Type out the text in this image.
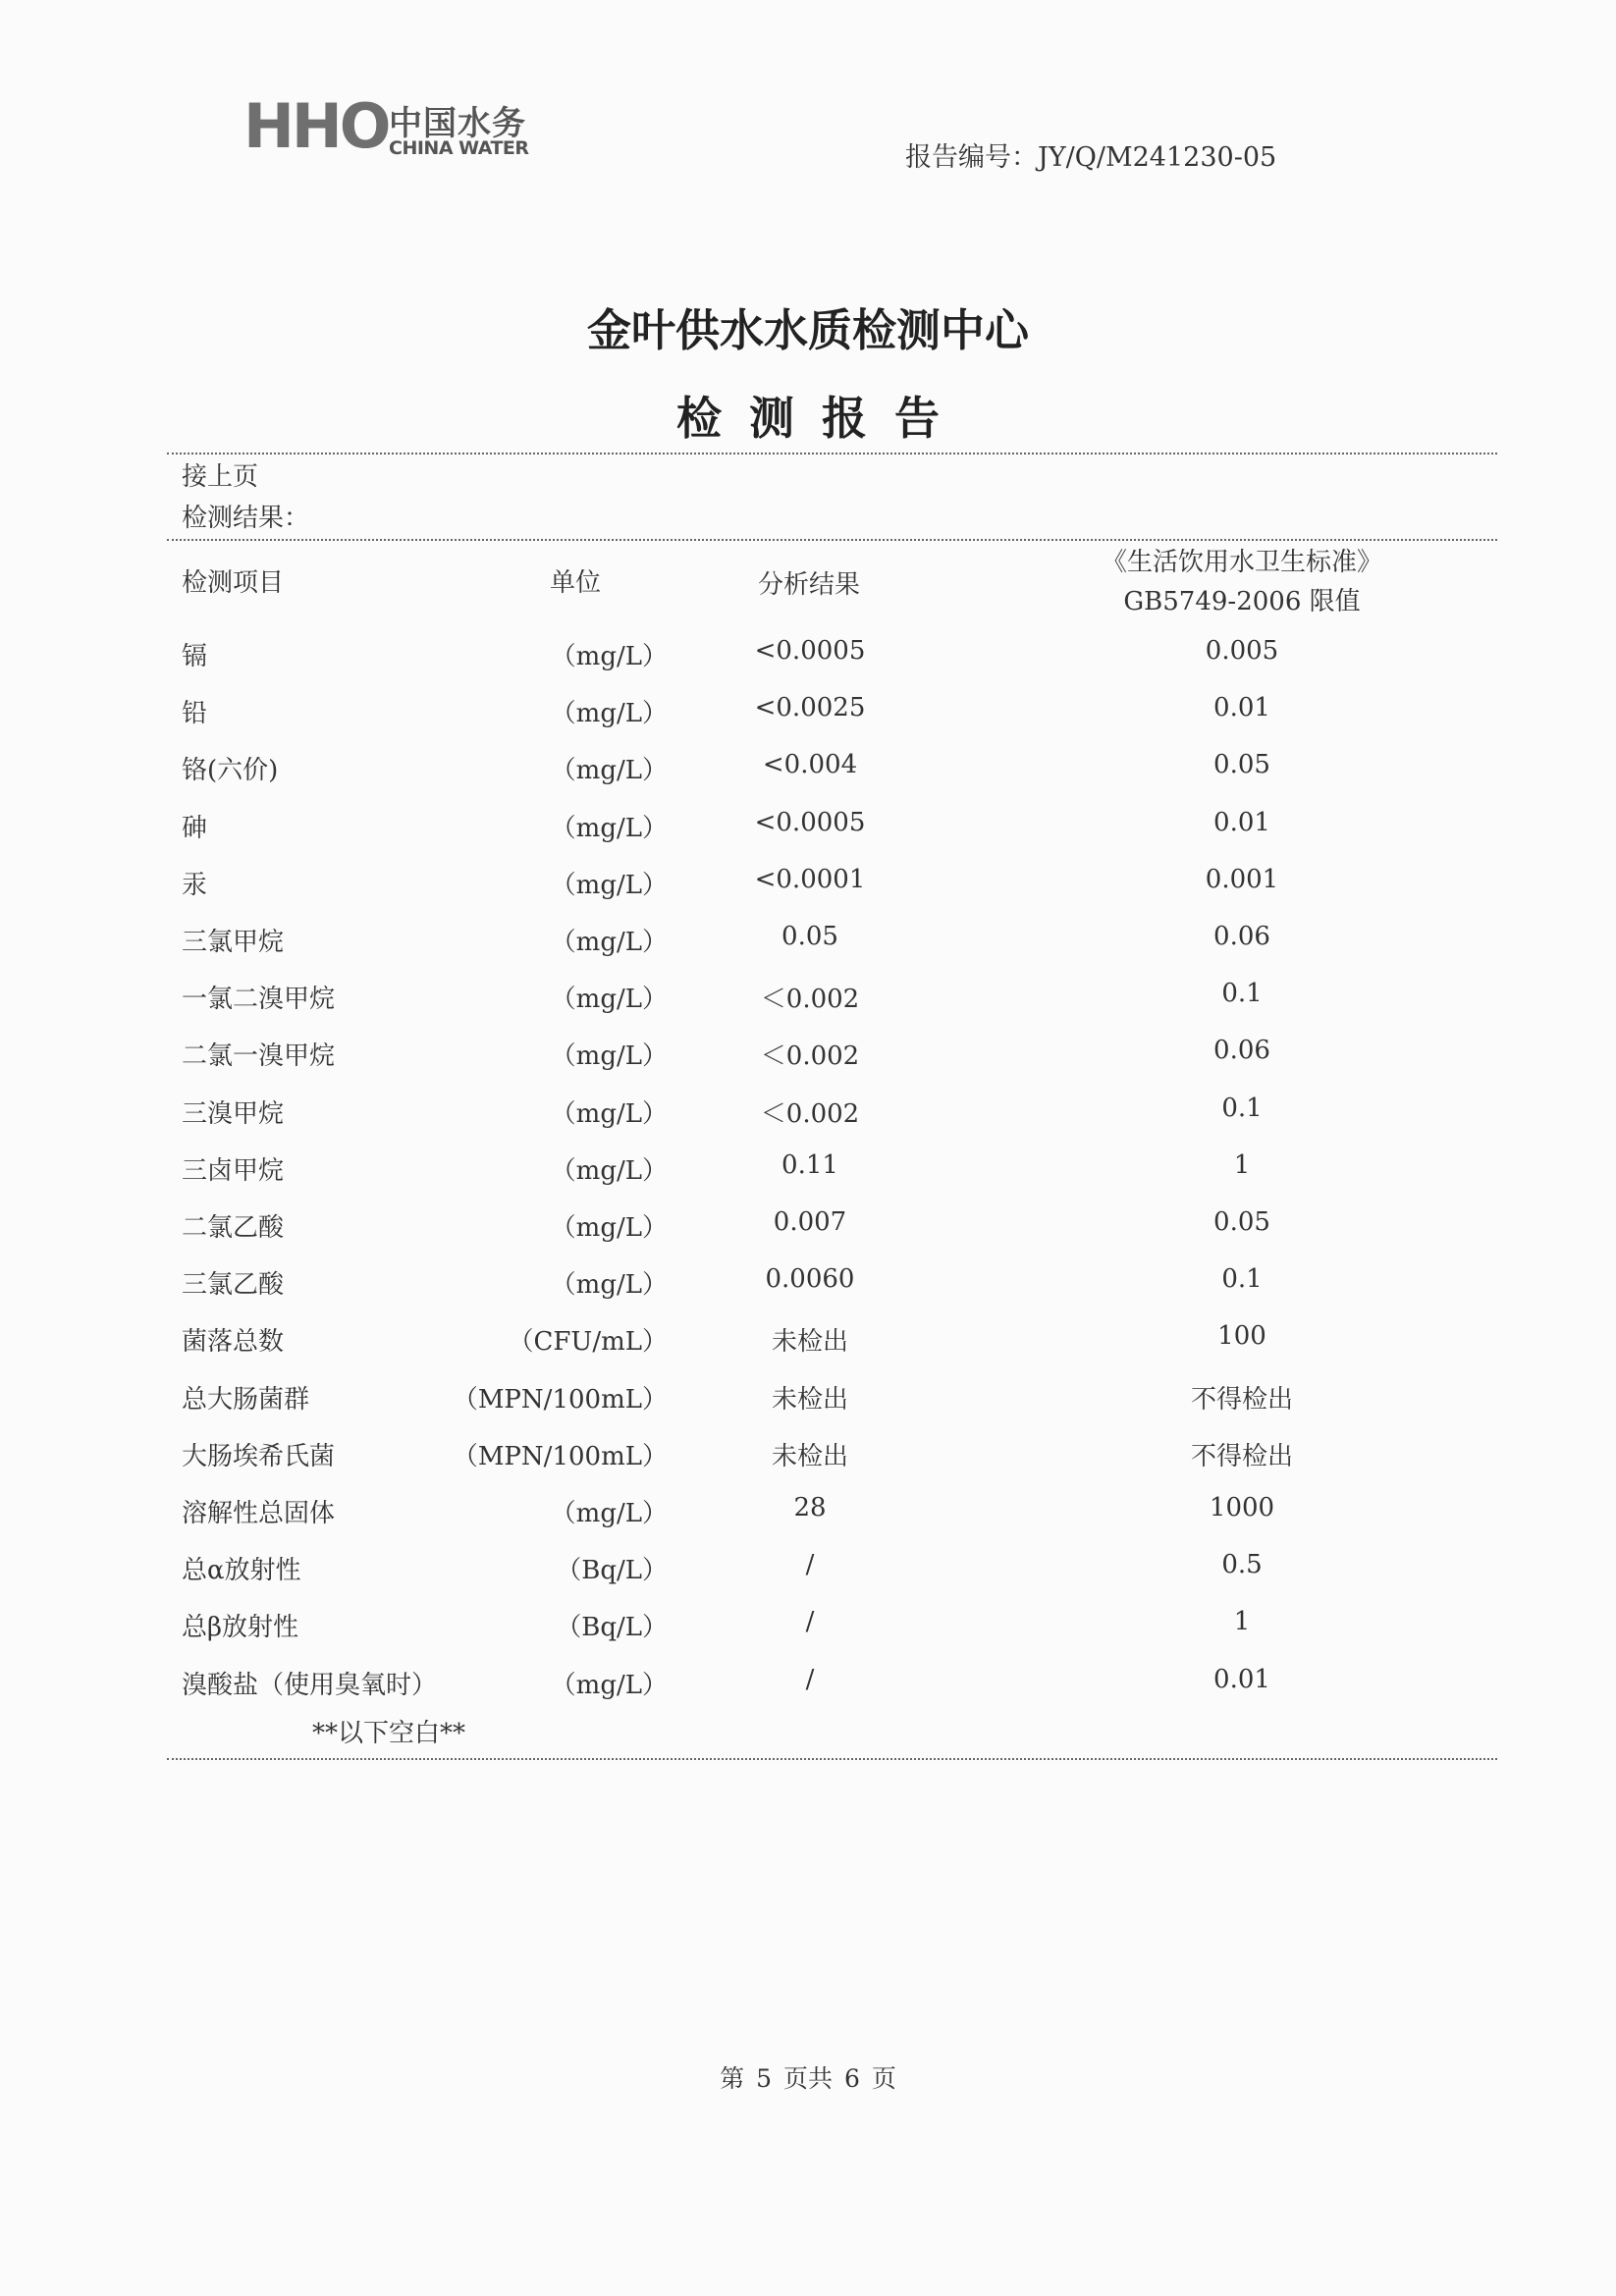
HHO 中国水务
CHINA WATER	报告编号：JY/Q/M241230-05
金叶供水水质检测中心
检测报告
接上页
检测结果：
检测项目	单位	分析结果
《生活饮用水卫生标准》
GB5749-2006 限值
镉	（mg/L）	<0.0005	0.005
铅	（mg/L）	<0.0025	0.01
铬(六价)	（mg/L）	<0.004	0.05
砷	（mg/L）	<0.0005	0.01
汞	（mg/L）	<0.0001	0.001
三氯甲烷	（mg/L）	0.05	0.06
一氯二溴甲烷	（mg/L）	＜0.002	0.1
二氯一溴甲烷	（mg/L）	＜0.002	0.06
三溴甲烷	（mg/L）	＜0.002	0.1
三卤甲烷	（mg/L）	0.11	1
二氯乙酸	（mg/L）	0.007	0.05
三氯乙酸	（mg/L）	0.0060	0.1
菌落总数	（CFU/mL）	未检出	100
总大肠菌群	（MPN/100mL）	未检出	不得检出
大肠埃希氏菌	（MPN/100mL）	未检出	不得检出
溶解性总固体	（mg/L）	28	1000
总α放射性	（Bq/L）	/	0.5
总β放射性	（Bq/L）	/	1
溴酸盐（使用臭氧时）	（mg/L）	/	0.01
**以下空白**
第 5 页共 6 页
